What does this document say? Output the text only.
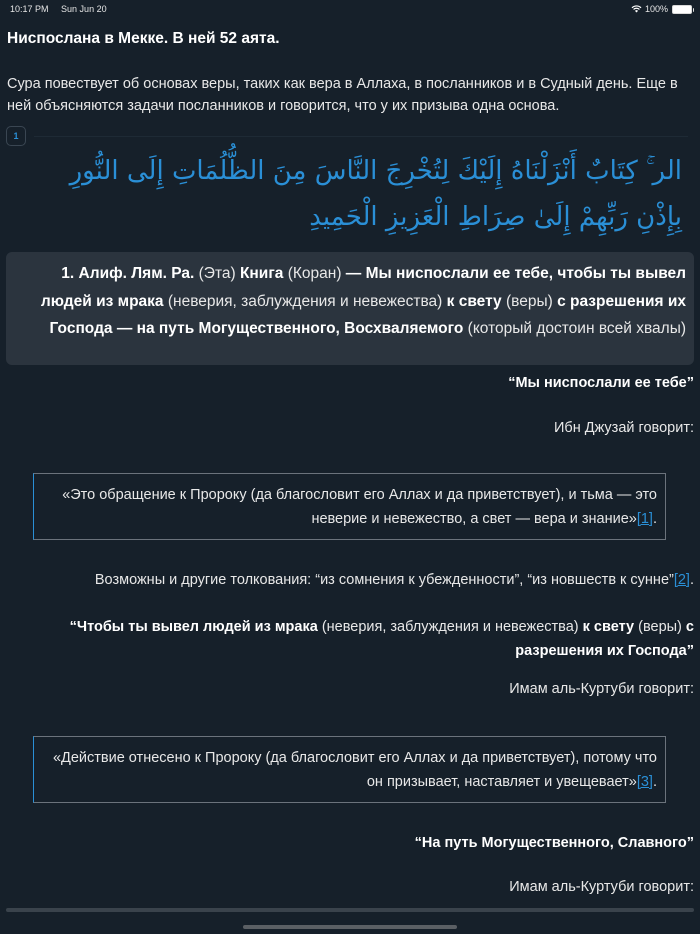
10:17 PM Sun Jun 20	100%
Ниспослана в Мекке. В ней 52 аята.
Сура повествует об основах веры, таких как вера в Аллаха, в посланников и в Судный день. Еще в ней объясняются задачи посланников и говорится, что у их призыва одна основа.
1
الر ۚ كِتَابٌ أَنْزَلْنَاهُ إِلَيْكَ لِتُخْرِجَ النَّاسَ مِنَ الظُّلُمَاتِ إِلَى النُّورِ بِإِذْنِ رَبِّهِمْ إِلَىٰ صِرَاطِ الْعَزِيزِ الْحَمِيدِ
1. Алиф. Лям. Ра. (Эта) Книга (Коран) — Мы ниспослали ее тебе, чтобы ты вывел людей из мрака (неверия, заблуждения и невежества) к свету (веры) с разрешения их Господа — на путь Могущественного, Восхваляемого (который достоин всей хвалы)
“Мы ниспослали ее тебе”
Ибн Джузай говорит:
«Это обращение к Пророку (да благословит его Аллах и да приветствует), и тьма — это неверие и невежество, а свет — вера и знание»[1].
Возможны и другие толкования: “из сомнения к убежденности”, “из новшеств к сунне”[2].
“Чтобы ты вывел людей из мрака (неверия, заблуждения и невежества) к свету (веры) с разрешения их Господа”
Имам аль-Куртуби говорит:
«Действие отнесено к Пророку (да благословит его Аллах и да приветствует), потому что он призывает, наставляет и увещевает»[3].
“На путь Могущественного, Славного”
Имам аль-Куртуби говорит:
